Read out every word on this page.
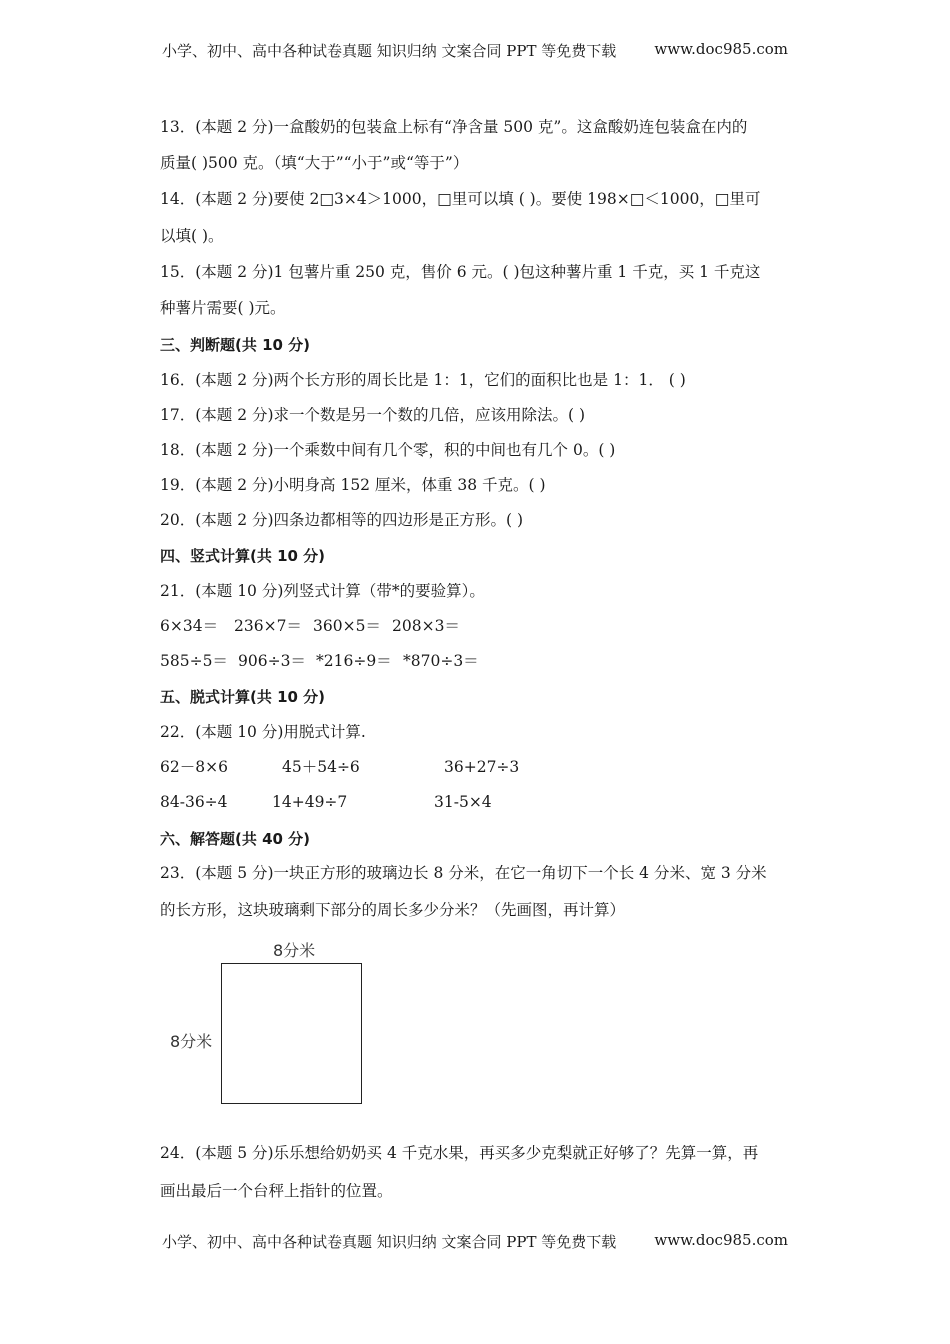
小学、初中、高中各种试卷真题 知识归纳 文案合同 PPT 等免费下载	www.doc985.com
13．(本题 2 分)一盒酸奶的包装盒上标有“净含量 500 克”。这盒酸奶连包装盒在内的
质量( )500 克。（填“大于”“小于”或“等于”）
14．(本题 2 分)要使 2□3×4＞1000，□里可以填 ( )。要使 198×□＜1000，□里可
以填( )。
15．(本题 2 分)1 包薯片重 250 克，售价 6 元。( )包这种薯片重 1 千克，买 1 千克这
种薯片需要( )元。
三、判断题(共 10 分)
16．(本题 2 分)两个长方形的周长比是 1：1，它们的面积比也是 1：1． ( )
17．(本题 2 分)求一个数是另一个数的几倍，应该用除法。( )
18．(本题 2 分)一个乘数中间有几个零，积的中间也有几个 0。( )
19．(本题 2 分)小明身高 152 厘米，体重 38 千克。( )
20．(本题 2 分)四条边都相等的四边形是正方形。( )
四、竖式计算(共 10 分)
21．(本题 10 分)列竖式计算（带*的要验算）。
6×34＝ 236×7＝ 360×5＝ 208×3＝
585÷5＝ 906÷3＝ *216÷9＝ *870÷3＝
五、脱式计算(共 10 分)
22．(本题 10 分)用脱式计算.
62－8×6	45＋54÷6	36+27÷3
84-36÷4	14+49÷7	31-5×4
六、解答题(共 40 分)
23．(本题 5 分)一块正方形的玻璃边长 8 分米，在它一角切下一个长 4 分米、宽 3 分米
的长方形，这块玻璃剩下部分的周长多少分米？（先画图，再计算）
8分米
8分米
24．(本题 5 分)乐乐想给奶奶买 4 千克水果，再买多少克梨就正好够了？先算一算，再
画出最后一个台秤上指针的位置。
小学、初中、高中各种试卷真题 知识归纳 文案合同 PPT 等免费下载	www.doc985.com
